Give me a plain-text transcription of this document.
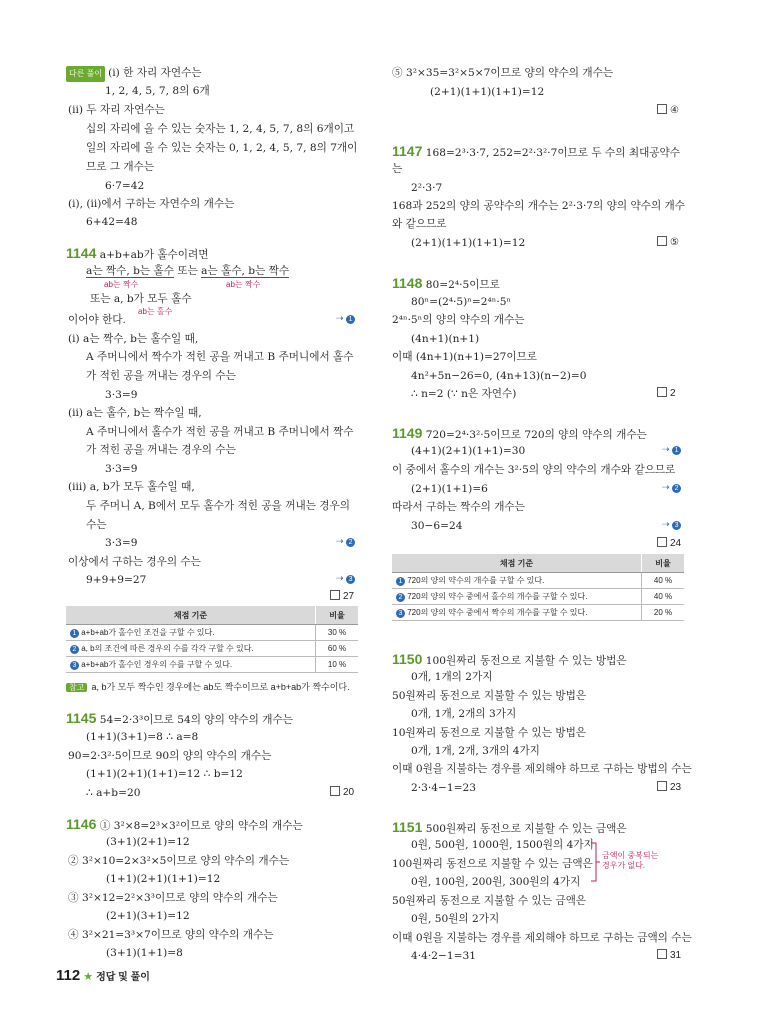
다른 풀이 (i) 한 자리 자연수는
1, 2, 4, 5, 7, 8의 6개
(ii) 두 자리 자연수는
십의 자리에 올 수 있는 숫자는 1, 2, 4, 5, 7, 8의 6개이고
일의 자리에 올 수 있는 숫자는 0, 1, 2, 4, 5, 7, 8의 7개이
므로 그 개수는
6·7=42
(i), (ii)에서 구하는 자연수의 개수는
6+42=48
1144 a+b+ab가 홀수이려면
a는 짝수, b는 홀수 또는 a는 홀수, b는 짝수
ab는 짝수	ab는 짝수
또는 a, b가 모두 홀수
ab는 홀수
이어야 한다.	⇢ 1
(i) a는 짝수, b는 홀수일 때,
A 주머니에서 짝수가 적힌 공을 꺼내고 B 주머니에서 홀수
가 적힌 공을 꺼내는 경우의 수는
3·3=9
(ii) a는 홀수, b는 짝수일 때,
A 주머니에서 홀수가 적힌 공을 꺼내고 B 주머니에서 짝수
가 적힌 공을 꺼내는 경우의 수는
3·3=9
(iii) a, b가 모두 홀수일 때,
두 주머니 A, B에서 모두 홀수가 적힌 공을 꺼내는 경우의
수는
3·3=9	⇢ 2
이상에서 구하는 경우의 수는
9+9+9=27	⇢ 3
27
채점 기준	비율
1 a+b+ab가 홀수인 조건을 구할 수 있다.	30 %
2 a, b의 조건에 따른 경우의 수를 각각 구할 수 있다.	60 %
3 a+b+ab가 홀수인 경우의 수를 구할 수 있다.	10 %
참고 a, b가 모두 짝수인 경우에는 ab도 짝수이므로 a+b+ab가 짝수이다.
1145 54=2·3³이므로 54의 양의 약수의 개수는
(1+1)(3+1)=8 ∴ a=8
90=2·3²·5이므로 90의 양의 약수의 개수는
(1+1)(2+1)(1+1)=12 ∴ b=12
∴ a+b=20	20
1146 ① 3²×8=2³×3²이므로 양의 약수의 개수는
(3+1)(2+1)=12
② 3²×10=2×3²×5이므로 양의 약수의 개수는
(1+1)(2+1)(1+1)=12
③ 3²×12=2²×3³이므로 양의 약수의 개수는
(2+1)(3+1)=12
④ 3²×21=3³×7이므로 양의 약수의 개수는
(3+1)(1+1)=8
⑤ 3²×35=3²×5×7이므로 양의 약수의 개수는
(2+1)(1+1)(1+1)=12
④
1147 168=2³·3·7, 252=2²·3²·7이므로 두 수의 최대공약수
는
2²·3·7
168과 252의 양의 공약수의 개수는 2²·3·7의 양의 약수의 개수
와 같으므로
(2+1)(1+1)(1+1)=12	⑤
1148 80=2⁴·5이므로
80ⁿ=(2⁴·5)ⁿ=2⁴ⁿ·5ⁿ
2⁴ⁿ·5ⁿ의 양의 약수의 개수는
(4n+1)(n+1)
이때 (4n+1)(n+1)=27이므로
4n²+5n−26=0, (4n+13)(n−2)=0
∴ n=2 (∵ n은 자연수)	2
1149 720=2⁴·3²·5이므로 720의 양의 약수의 개수는
(4+1)(2+1)(1+1)=30	⇢ 1
이 중에서 홀수의 개수는 3²·5의 양의 약수의 개수와 같으므로
(2+1)(1+1)=6	⇢ 2
따라서 구하는 짝수의 개수는
30−6=24	⇢ 3
24
채점 기준	비율
1 720의 양의 약수의 개수를 구할 수 있다.	40 %
2 720의 양의 약수 중에서 홀수의 개수를 구할 수 있다.	40 %
3 720의 양의 약수 중에서 짝수의 개수를 구할 수 있다.	20 %
1150 100원짜리 동전으로 지불할 수 있는 방법은
0개, 1개의 2가지
50원짜리 동전으로 지불할 수 있는 방법은
0개, 1개, 2개의 3가지
10원짜리 동전으로 지불할 수 있는 방법은
0개, 1개, 2개, 3개의 4가지
이때 0원을 지불하는 경우를 제외해야 하므로 구하는 방법의 수는
2·3·4−1=23	23
1151 500원짜리 동전으로 지불할 수 있는 금액은
0원, 500원, 1000원, 1500원의 4가지
100원짜리 동전으로 지불할 수 있는 금액은
0원, 100원, 200원, 300원의 4가지
50원짜리 동전으로 지불할 수 있는 금액은
0원, 50원의 2가지
이때 0원을 지불하는 경우를 제외해야 하므로 구하는 금액의 수는
4·4·2−1=31	31
금액이 중복되는
경우가 없다.
112 ★ 정답 및 풀이
